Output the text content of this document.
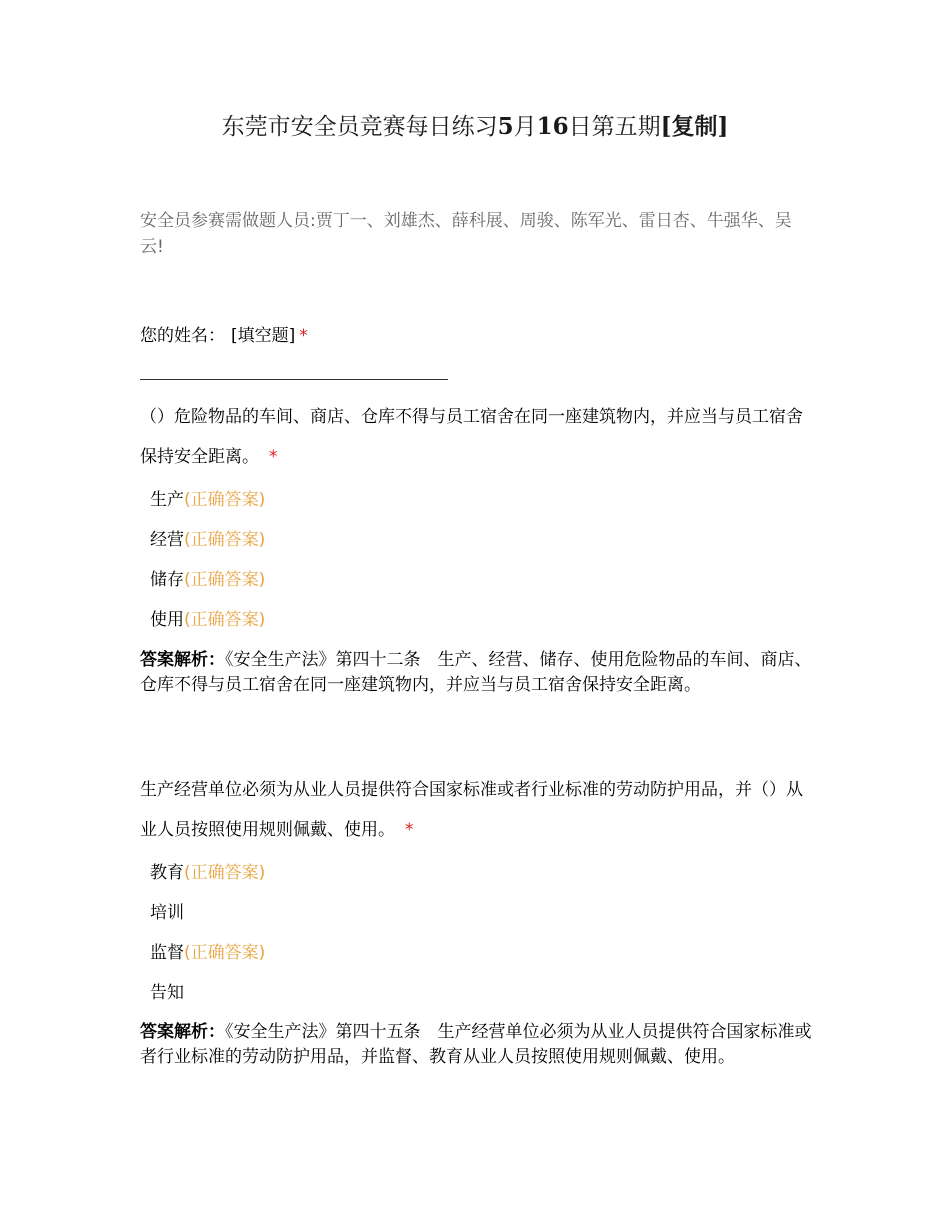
东莞市安全员竞赛每日练习5月16日第五期[复制]
安全员参赛需做题人员:贾丁一、刘雄杰、薛科展、周骏、陈军光、雷日杏、牛强华、吴云!
您的姓名： [填空题] *
（）危险物品的车间、商店、仓库不得与员工宿舍在同一座建筑物内，并应当与员工宿舍保持安全距离。 *
生产(正确答案)
经营(正确答案)
储存(正确答案)
使用(正确答案)
答案解析：《安全生产法》第四十二条　生产、经营、储存、使用危险物品的车间、商店、仓库不得与员工宿舍在同一座建筑物内，并应当与员工宿舍保持安全距离。
生产经营单位必须为从业人员提供符合国家标准或者行业标准的劳动防护用品，并（）从业人员按照使用规则佩戴、使用。 *
教育(正确答案)
培训
监督(正确答案)
告知
答案解析：《安全生产法》第四十五条　生产经营单位必须为从业人员提供符合国家标准或者行业标准的劳动防护用品，并监督、教育从业人员按照使用规则佩戴、使用。
